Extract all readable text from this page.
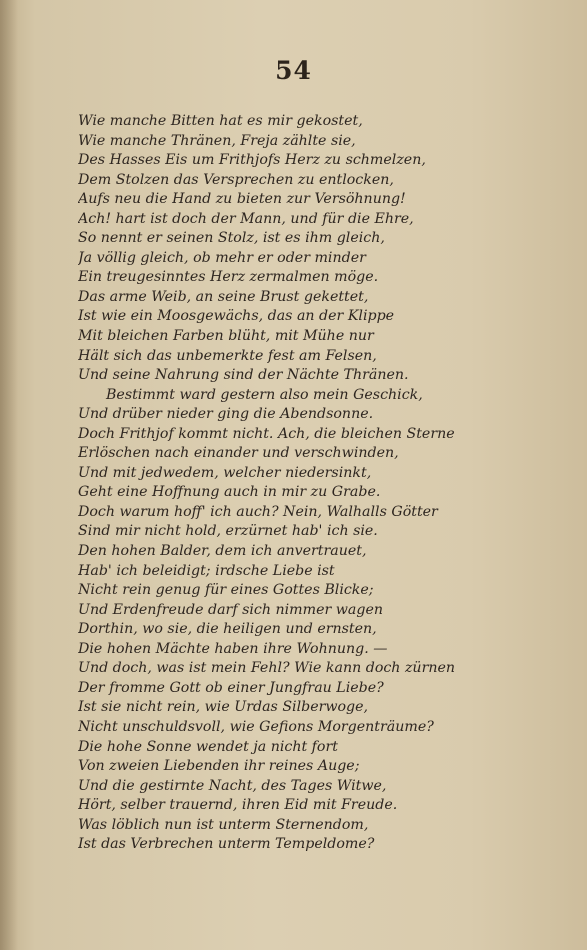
54
Wie manche Bitten hat es mir gekostet,
Wie manche Thränen, Freja zählte sie,
Des Hasses Eis um Frithjofs Herz zu schmelzen,
Dem Stolzen das Versprechen zu entlocken,
Aufs neu die Hand zu bieten zur Versöhnung!
Ach! hart ist doch der Mann, und für die Ehre,
So nennt er seinen Stolz, ist es ihm gleich,
Ja völlig gleich, ob mehr er oder minder
Ein treugesinntes Herz zermalmen möge.
Das arme Weib, an seine Brust gekettet,
Ist wie ein Moosgewächs, das an der Klippe
Mit bleichen Farben blüht, mit Mühe nur
Hält sich das unbemerkte fest am Felsen,
Und seine Nahrung sind der Nächte Thränen.
Bestimmt ward gestern also mein Geschick,
Und drüber nieder ging die Abendsonne.
Doch Frithjof kommt nicht. Ach, die bleichen Sterne
Erlöschen nach einander und verschwinden,
Und mit jedwedem, welcher niedersinkt,
Geht eine Hoffnung auch in mir zu Grabe.
Doch warum hoff' ich auch? Nein, Walhalls Götter
Sind mir nicht hold, erzürnet hab' ich sie.
Den hohen Balder, dem ich anvertrauet,
Hab' ich beleidigt; irdsche Liebe ist
Nicht rein genug für eines Gottes Blicke;
Und Erdenfreude darf sich nimmer wagen
Dorthin, wo sie, die heiligen und ernsten,
Die hohen Mächte haben ihre Wohnung. —
Und doch, was ist mein Fehl? Wie kann doch zürnen
Der fromme Gott ob einer Jungfrau Liebe?
Ist sie nicht rein, wie Urdas Silberwoge,
Nicht unschuldsvoll, wie Gefions Morgenträume?
Die hohe Sonne wendet ja nicht fort
Von zweien Liebenden ihr reines Auge;
Und die gestirnte Nacht, des Tages Witwe,
Hört, selber trauernd, ihren Eid mit Freude.
Was löblich nun ist unterm Sternendom,
Ist das Verbrechen unterm Tempeldome?
